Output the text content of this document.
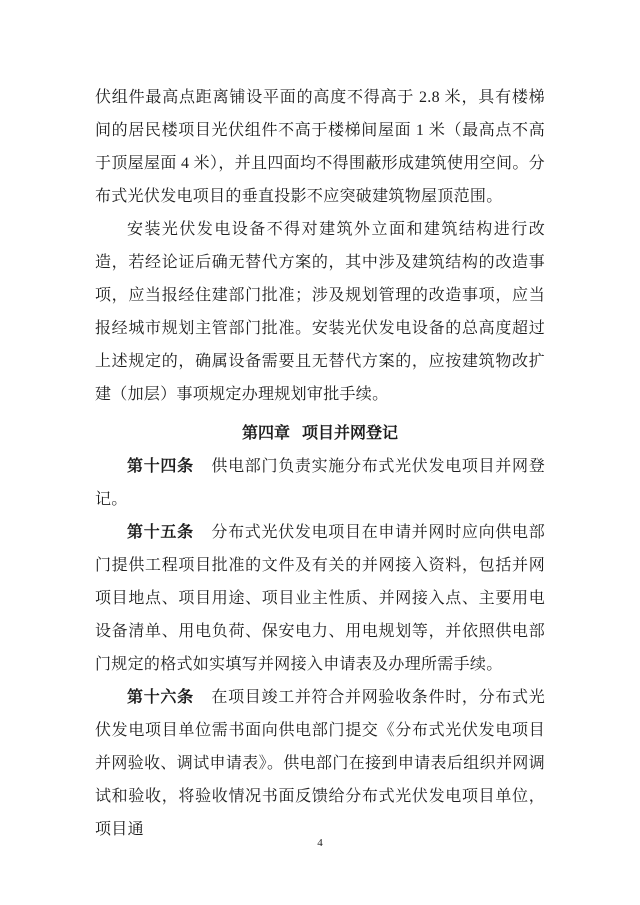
伏组件最高点距离铺设平面的高度不得高于 2.8 米，具有楼梯间的居民楼项目光伏组件不高于楼梯间屋面 1 米（最高点不高于顶屋屋面 4 米），并且四面均不得围蔽形成建筑使用空间。分布式光伏发电项目的垂直投影不应突破建筑物屋顶范围。

安装光伏发电设备不得对建筑外立面和建筑结构进行改造，若经论证后确无替代方案的，其中涉及建筑结构的改造事项，应当报经住建部门批准；涉及规划管理的改造事项，应当报经城市规划主管部门批准。安装光伏发电设备的总高度超过上述规定的，确属设备需要且无替代方案的，应按建筑物改扩建（加层）事项规定办理规划审批手续。

第四章 项目并网登记

第十四条 供电部门负责实施分布式光伏发电项目并网登记。

第十五条 分布式光伏发电项目在申请并网时应向供电部门提供工程项目批准的文件及有关的并网接入资料，包括并网项目地点、项目用途、项目业主性质、并网接入点、主要用电设备清单、用电负荷、保安电力、用电规划等，并依照供电部门规定的格式如实填写并网接入申请表及办理所需手续。

第十六条 在项目竣工并符合并网验收条件时，分布式光伏发电项目单位需书面向供电部门提交《分布式光伏发电项目并网验收、调试申请表》。供电部门在接到申请表后组织并网调试和验收，将验收情况书面反馈给分布式光伏发电项目单位，项目通

4
